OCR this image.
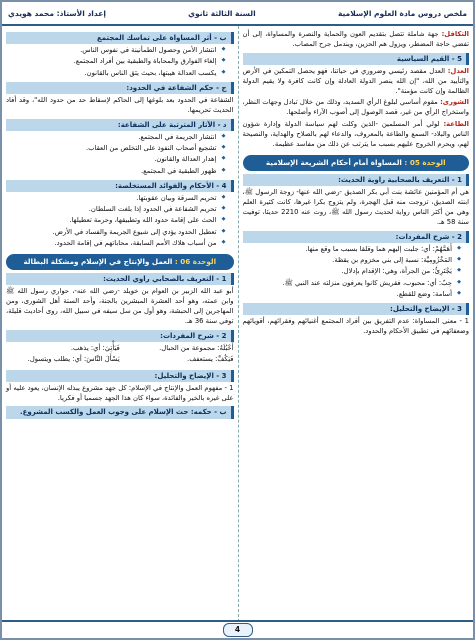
ملخص دروس مادة العلوم الإسلامية
السنة الثالثة ثانوي
إعداد الأستاذ: محمد هويدي

التكافل: جهة شاملة تتصل بتقديم العون والحماية والنصرة والمساواة، إلى أن تفضي حاجة المضطر، ويزول هم الحزين، ويندمل جرح المصاب.

5 - القيم السياسية

العدل: العدل مقصد رئيسي وضروري في حياتنا، فهو يحصل التمكين في الأرض والتأييد من الله، "إن الله ينصر الدولة العادلة وإن كانت كافرة ولا يقيم الدولة الظالمة وإن كانت مؤمنة".

الشورى: مقوم أساسي لبلوغ الرأي السديد، وذلك من خلال تبادل وجهات النظر، واستخراج الرأي من غير، قصد الوصول إلى أصوب الآراء وأصلحها.

الطاعة: لولي أمر المسلمين -الذين وكلت لهم سياسة الدولة وإدارة شؤون الناس والبلاد- السمع والطاعة بالمعروف، والدعاء لهم بالصلاح والهداية، والنصيحة لهم، ويحرم الخروج عليهم بسبب ما يترتب عن ذلك من مفاسد عظيمة.

الوحدة 05 : المساواة أمام أحكام الشريعة الإسلامية
1 - التعريف بالصحابية راوية الحديث:

هي أم المؤمنين عائشة بنت أبي بكر الصديق -رضي الله عنها- زوجة الرسول ﷺ، ابنته الصديق، تزوجت منه قبل الهجرة، ولم يتزوج بكرا غيرها، كانت كثيرة العلم وهي من أكثر الناس رواية لحديث رسول الله ﷺ، روت عنه 2210 حديثا، توفيت سنة 58 هـ.

2 - شرح المفردات:
◆ أَهَمَّهُمْ: أي: جلبت إليهم هما وقلقا بسبب ما وقع منها.
◆ المَخْزُومِيَّة: نسبة إلى بني مخزوم بن يقظة.
◆ يَجْتَرِئُ: من الجرأة، وهي: الإقدام بإدلال.
◆ حِبّ: أي: محبوب، فقريش كانوا يعرفون منزلته عند النبي ﷺ.
◆ أسامة: وضع للقطع.
3 - الإيضاح والتحليل:

1 - معنى المساواة: عدم التفريق بين أفراد المجتمع أغنيائهم وفقرائهم، أقويائهم وضعفائهم في تطبيق الأحكام والحدود.

ب - أثر المساواة على تماسك المجتمع
◆ انتشار الأمن وحصول الطمأنينة في نفوس الناس.
◆ إلغاء الفوارق والمحاباة والطبقية بين أفراد المجتمع.
◆ يكسب العدالة هيبتها، بحيث يثق الناس بالقانون.
ج - حكم الشفاعة في الحدود:

الشفاعة في الحدود بعد بلوغها إلى الحاكم لإسقاط حد من حدود الله"، وقد أفاد الحديث تحريمها.

د - الآثار المترتبة على الشفاعة:
◆ انتشار الجريمة في المجتمع.
◆ تشجيع أصحاب النفوذ على التخلص من العقاب.
◆ إهدار العدالة والقانون.
◆ ظهور الطبقية في المجتمع.
4 - الأحكام والفوائد المستخلصة:
◆ تحريم السرقة وبيان عقوبتها.
◆ تحريم الشفاعة في الحدود إذا بلغت السلطان.
◆ الحث على إقامة حدود الله وتطبيقها، وحرمة تعطيلها.
◆ تعطيل الحدود يؤدي إلى شيوع الجريمة والفساد في الأرض.
◆ من أسباب هلاك الأمم السابقة، محاباتهم في إقامة الحدود.
الوحدة 06 : العمل والإنتاج في الإسلام ومشكلة البطالة
1 - التعريف بالصحابي راوي الحديث:

أبو عبد الله الزبير بن العوام بن خويلد -رضي الله عنه-، حواري رسول الله ﷺ وابن عمته، وهو أحد العشرة المبشرين بالجنة، وأحد الستة أهل الشورى، ومن المهاجرين إلى الحبشة، وهو أول من سل سيفه في سبيل الله، روى أحاديث قليلة، توفي سنة 36 هـ.

2 - شرح المفردات:
أَحْبُلَهُ: مجموعة من الحبال.
فَيَأْتِيَ: أي: يذهب.
فَيَكُفَّ: يستعفف.
يَسْأَلَ النَّاسَ: أي: يطلب ويتسول.
3 - الإيضاح والتحليل:

1 - مفهوم العمل والإنتاج في الإسلام: كل جهد مشروع يبذله الإنسان، يعود عليه أو على غيره بالخير والفائدة، سواء كان هذا الجهد جسميا أو فكريا.

ب - حكمه: حث الإسلام على وجوب العمل والكسب المشروع.
4
